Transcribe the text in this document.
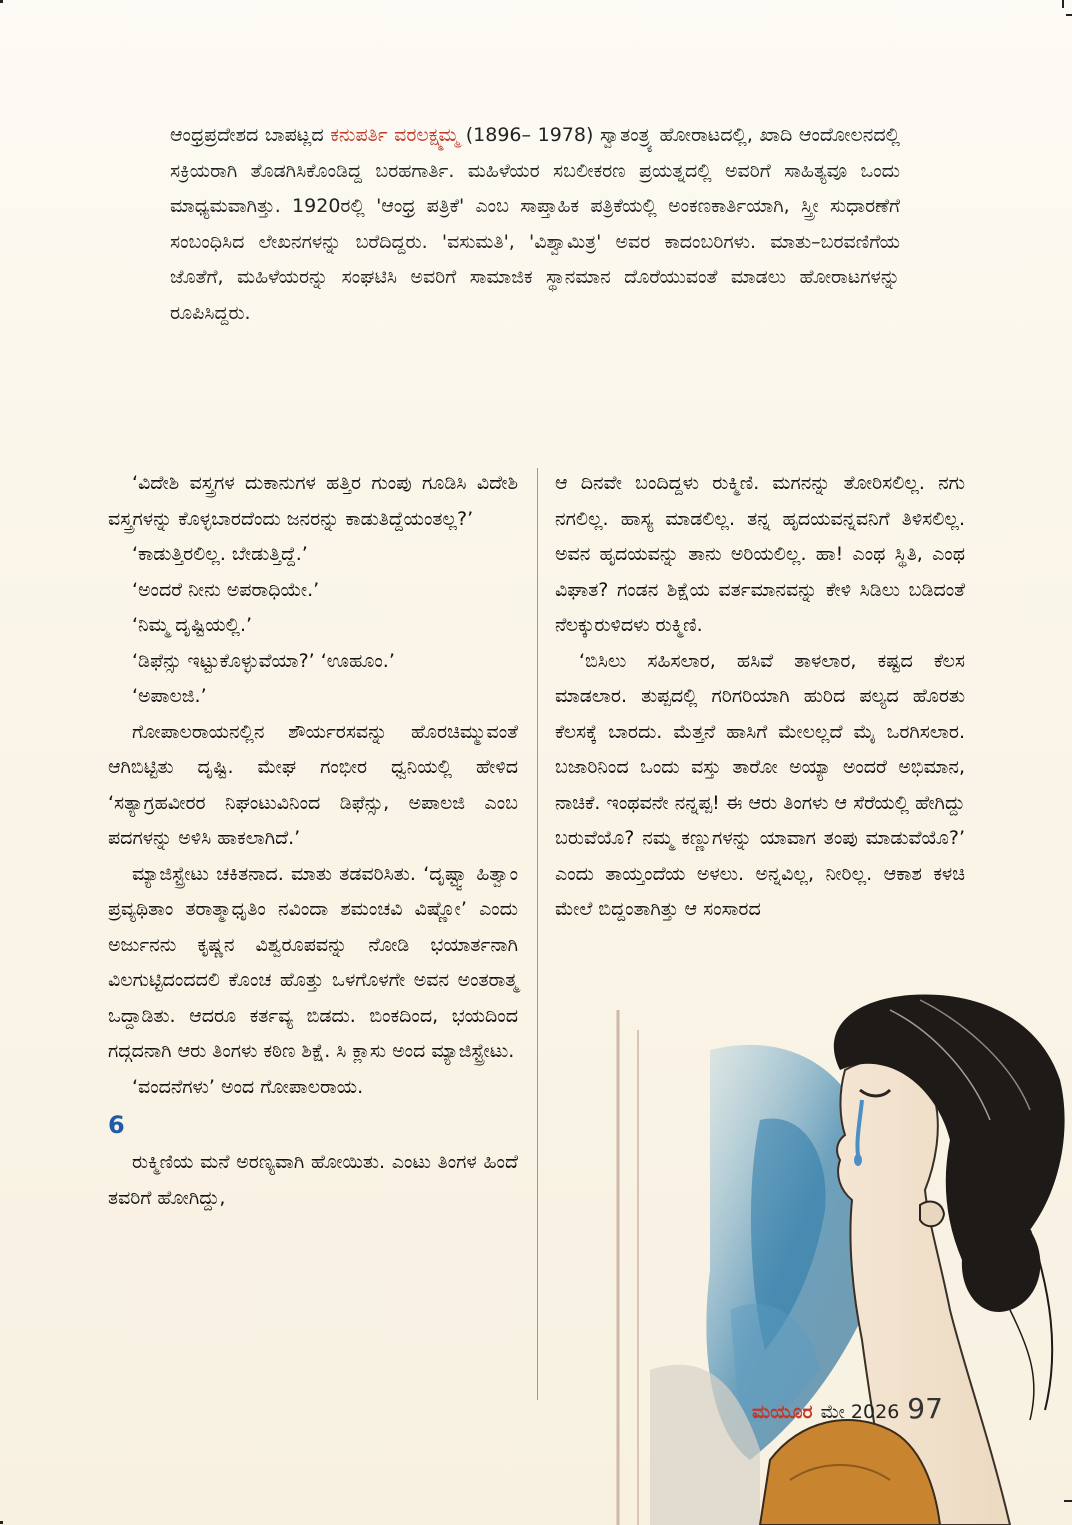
ಆಂಧ್ರಪ್ರದೇಶದ ಬಾಪಟ್ಲದ ಕನುಪರ್ತಿ ವರಲಕ್ಷ್ಮಮ್ಮ (1896– 1978) ಸ್ವಾತಂತ್ರ್ಯ ಹೋರಾಟದಲ್ಲಿ, ಖಾದಿ ಆಂದೋಲನದಲ್ಲಿ ಸಕ್ರಿಯರಾಗಿ ತೊಡಗಿಸಿಕೊಂಡಿದ್ದ ಬರಹಗಾರ್ತಿ. ಮಹಿಳೆಯರ ಸಬಲೀಕರಣ ಪ್ರಯತ್ನದಲ್ಲಿ ಅವರಿಗೆ ಸಾಹಿತ್ಯವೂ ಒಂದು ಮಾಧ್ಯಮವಾಗಿತ್ತು. 1920ರಲ್ಲಿ 'ಆಂಧ್ರ ಪತ್ರಿಕೆ' ಎಂಬ ಸಾಪ್ತಾಹಿಕ ಪತ್ರಿಕೆಯಲ್ಲಿ ಅಂಕಣಕಾರ್ತಿಯಾಗಿ, ಸ್ತ್ರೀ ಸುಧಾರಣೆಗೆ ಸಂಬಂಧಿಸಿದ ಲೇಖನಗಳನ್ನು ಬರೆದಿದ್ದರು. 'ವಸುಮತಿ', 'ವಿಶ್ವಾಮಿತ್ರ' ಅವರ ಕಾದಂಬರಿಗಳು. ಮಾತು–ಬರವಣಿಗೆಯ ಜೊತೆಗೆ, ಮಹಿಳೆಯರನ್ನು ಸಂಘಟಿಸಿ ಅವರಿಗೆ ಸಾಮಾಜಿಕ ಸ್ಥಾನಮಾನ ದೊರೆಯುವಂತೆ ಮಾಡಲು ಹೋರಾಟಗಳನ್ನು ರೂಪಿಸಿದ್ದರು.

‘ವಿದೇಶಿ ವಸ್ತ್ರಗಳ ದುಕಾನುಗಳ ಹತ್ತಿರ ಗುಂಪು ಗೂಡಿಸಿ ವಿದೇಶಿ ವಸ್ತ್ರಗಳನ್ನು ಕೊಳ್ಳಬಾರದೆಂದು ಜನರನ್ನು ಕಾಡುತಿದ್ದೆಯಂತಲ್ಲ?’

‘ಕಾಡುತ್ತಿರಲಿಲ್ಲ. ಬೇಡುತ್ತಿದ್ದೆ.’

‘ಅಂದರೆ ನೀನು ಅಪರಾಧಿಯೇ.’

‘ನಿಮ್ಮ ದೃಷ್ಟಿಯಲ್ಲಿ.’

‘ಡಿಫೆನ್ಸು ಇಟ್ಟುಕೊಳ್ಳುವೆಯಾ?’ ‘ಊಹೂಂ.’

‘ಅಪಾಲಜಿ.’

ಗೋಪಾಲರಾಯನಲ್ಲಿನ ಶೌರ್ಯರಸವನ್ನು ಹೊರಚಿಮ್ಮುವಂತೆ ಆಗಿಬಿಟ್ಟಿತು ದೃಷ್ಟಿ. ಮೇಘ ಗಂಭೀರ ಧ್ವನಿಯಲ್ಲಿ ಹೇಳಿದ ‘ಸತ್ಯಾಗ್ರಹವೀರರ ನಿಘಂಟುವಿನಿಂದ ಡಿಫೆನ್ಸು, ಅಪಾಲಜಿ ಎಂಬ ಪದಗಳನ್ನು ಅಳಿಸಿ ಹಾಕಲಾಗಿದೆ.’

ಮ್ಯಾಜಿಸ್ಟ್ರೇಟು ಚಕಿತನಾದ. ಮಾತು ತಡವರಿಸಿತು. ‘ದೃಷ್ಟ್ವಾ ಹಿತ್ವಾಂ ಪ್ರವ್ಯಥಿತಾಂ ತರಾತ್ಮಾಧೃತಿಂ ನವಿಂದಾ ಶಮಂಚವಿ ವಿಷ್ಣೋ’ ಎಂದು ಅರ್ಜುನನು ಕೃಷ್ಣನ ವಿಶ್ವರೂಪವನ್ನು ನೋಡಿ ಭಯಾರ್ತನಾಗಿ ವಿಲಗುಟ್ಟಿದಂದದಲಿ ಕೊಂಚ ಹೊತ್ತು ಒಳಗೊಳಗೇ ಅವನ ಅಂತರಾತ್ಮ ಒದ್ದಾಡಿತು. ಆದರೂ ಕರ್ತವ್ಯ ಬಿಡದು. ಬಿಂಕದಿಂದ, ಭಯದಿಂದ ಗದ್ಗದನಾಗಿ ಆರು ತಿಂಗಳು ಕಠಿಣ ಶಿಕ್ಷೆ. ಸಿ ಕ್ಲಾಸು ಅಂದ ಮ್ಯಾಜಿಸ್ಟ್ರೇಟು.

‘ವಂದನೆಗಳು’ ಅಂದ ಗೋಪಾಲರಾಯ.

6

ರುಕ್ಮಿಣಿಯ ಮನೆ ಅರಣ್ಯವಾಗಿ ಹೋಯಿತು. ಎಂಟು ತಿಂಗಳ ಹಿಂದೆ ತವರಿಗೆ ಹೋಗಿದ್ದು,

ಆ ದಿನವೇ ಬಂದಿದ್ದಳು ರುಕ್ಮಿಣಿ. ಮಗನನ್ನು ತೋರಿಸಲಿಲ್ಲ. ನಗು ನಗಲಿಲ್ಲ. ಹಾಸ್ಯ ಮಾಡಲಿಲ್ಲ. ತನ್ನ ಹೃದಯವನ್ನವನಿಗೆ ತಿಳಿಸಲಿಲ್ಲ. ಅವನ ಹೃದಯವನ್ನು ತಾನು ಅರಿಯಲಿಲ್ಲ. ಹಾ! ಎಂಥ ಸ್ಥಿತಿ, ಎಂಥ ವಿಘಾತ? ಗಂಡನ ಶಿಕ್ಷೆಯ ವರ್ತಮಾನವನ್ನು ಕೇಳಿ ಸಿಡಿಲು ಬಡಿದಂತೆ ನೆಲಕ್ಕುರುಳಿದಳು ರುಕ್ಮಿಣಿ.

‘ಬಿಸಿಲು ಸಹಿಸಲಾರ, ಹಸಿವೆ ತಾಳಲಾರ, ಕಷ್ಟದ ಕೆಲಸ ಮಾಡಲಾರ. ತುಪ್ಪದಲ್ಲಿ ಗರಿಗರಿಯಾಗಿ ಹುರಿದ ಪಲ್ಯದ ಹೊರತು ಕೆಲಸಕ್ಕೆ ಬಾರದು. ಮೆತ್ತನೆ ಹಾಸಿಗೆ ಮೇಲಲ್ಲದೆ ಮೈ ಒರಗಿಸಲಾರ. ಬಜಾರಿನಿಂದ ಒಂದು ವಸ್ತು ತಾರೋ ಅಯ್ಯಾ ಅಂದರೆ ಅಭಿಮಾನ, ನಾಚಿಕೆ. ಇಂಥವನೇ ನನ್ನಪ್ಪ! ಈ ಆರು ತಿಂಗಳು ಆ ಸೆರೆಯಲ್ಲಿ ಹೇಗಿದ್ದು ಬರುವೆಯೊ? ನಮ್ಮ ಕಣ್ಣುಗಳನ್ನು ಯಾವಾಗ ತಂಪು ಮಾಡುವೆಯೊ?’ ಎಂದು ತಾಯ್ತಂದೆಯ ಅಳಲು. ಅನ್ನವಿಲ್ಲ, ನೀರಿಲ್ಲ. ಆಕಾಶ ಕಳಚಿ ಮೇಲೆ ಬಿದ್ದಂತಾಗಿತ್ತು ಆ ಸಂಸಾರದ

ಮಯೂರ ಮೇ 2026 97
